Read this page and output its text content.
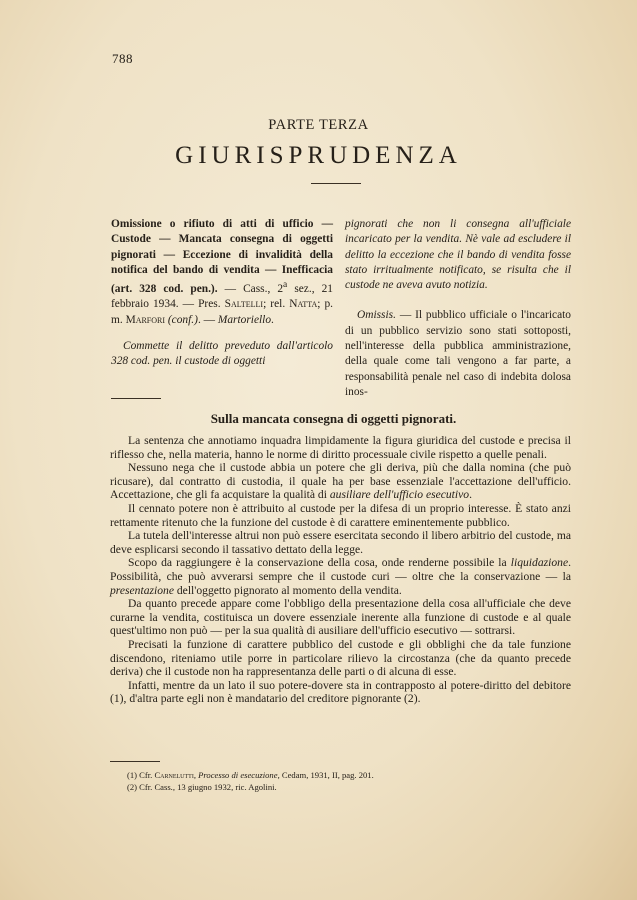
788
PARTE TERZA
GIURISPRUDENZA

Omissione o rifiuto di atti di ufficio — Custode — Mancata consegna di oggetti pignorati — Eccezione di invalidità della notifica del bando di vendita — Inefficacia (art. 328 cod. pen.). — Cass., 2$^a$ sez., 21 febbraio 1934. — Pres. Saltelli; rel. Natta; p. m. Marfori (conf.). — Martoriello.

Commette il delitto preveduto dall'articolo 328 cod. pen. il custode di oggetti

pignorati che non li consegna all'ufficiale incaricato per la vendita. Nè vale ad escludere il delitto la eccezione che il bando di vendita fosse stato irritualmente notificato, se risulta che il custode ne aveva avuto notizia.

Omissis. — Il pubblico ufficiale o l'incaricato di un pubblico servizio sono stati sottoposti, nell'interesse della pubblica amministrazione, della quale come tali vengono a far parte, a responsabilità penale nel caso di indebita dolosa inos-

Sulla mancata consegna di oggetti pignorati.

La sentenza che annotiamo inquadra limpidamente la figura giuridica del custode e precisa il riflesso che, nella materia, hanno le norme di diritto processuale civile rispetto a quelle penali.

Nessuno nega che il custode abbia un potere che gli deriva, più che dalla nomina (che può ricusare), dal contratto di custodia, il quale ha per base essenziale l'accettazione dell'ufficio. Accettazione, che gli fa acquistare la qualità di ausiliare dell'ufficio esecutivo.

Il cennato potere non è attribuito al custode per la difesa di un proprio interesse. È stato anzi rettamente ritenuto che la funzione del custode è di carattere eminentemente pubblico.

La tutela dell'interesse altrui non può essere esercitata secondo il libero arbitrio del custode, ma deve esplicarsi secondo il tassativo dettato della legge.

Scopo da raggiungere è la conservazione della cosa, onde renderne possibile la liquidazione. Possibilità, che può avverarsi sempre che il custode curi — oltre che la conservazione — la presentazione dell'oggetto pignorato al momento della vendita.

Da quanto precede appare come l'obbligo della presentazione della cosa all'ufficiale che deve curarne la vendita, costituisca un dovere essenziale inerente alla funzione di custode e al quale quest'ultimo non può — per la sua qualità di ausiliare dell'ufficio esecutivo — sottrarsi.

Precisati la funzione di carattere pubblico del custode e gli obblighi che da tale funzione discendono, riteniamo utile porre in particolare rilievo la circostanza (che da quanto precede deriva) che il custode non ha rappresentanza delle parti o di alcuna di esse.

Infatti, mentre da un lato il suo potere-dovere sta in contrapposto al potere-diritto del debitore (1), d'altra parte egli non è mandatario del creditore pignorante (2).

(1) Cfr. Carnelutti, Processo di esecuzione, Cedam, 1931, II, pag. 201.

(2) Cfr. Cass., 13 giugno 1932, ric. Agolini.
